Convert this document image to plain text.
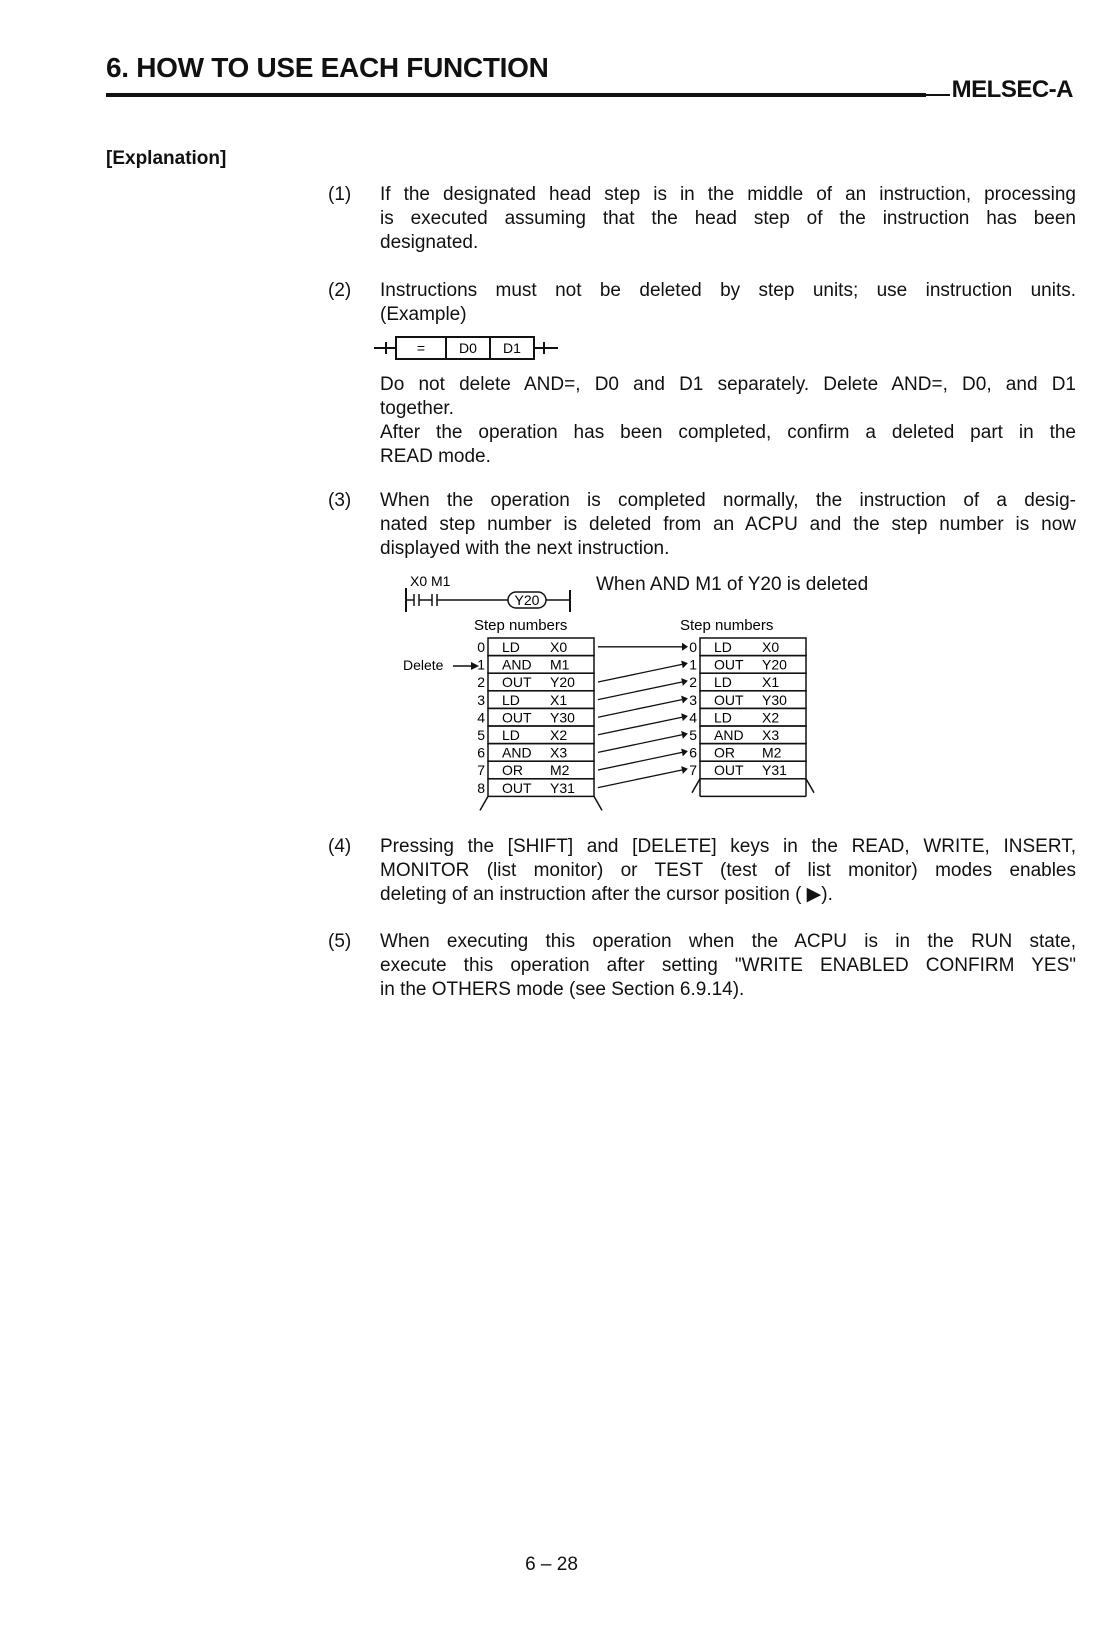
6. HOW TO USE EACH FUNCTION
MELSEC-A
[Explanation]
(1) If the designated head step is in the middle of an instruction, processing
is executed assuming that the head step of the instruction has been
designated.
(2) Instructions must not be deleted by step units; use instruction units.
(Example)
= D0 D1
Do not delete AND=, D0 and D1 separately. Delete AND=, D0, and D1
together.
After the operation has been completed, confirm a deleted part in the
READ mode.
(3) When the operation is completed normally, the instruction of a desig-
nated step number is deleted from an ACPU and the step number is now
displayed with the next instruction.
X0 M1
Y20
When AND M1 of Y20 is deleted
Step numbers	Step numbers
Delete
0 LD X0
1 AND M1
2 OUT Y20
3 LD X1
4 OUT Y30
5 LD X2
6 AND X3
7 OR M2
8 OUT Y31
0 LD X0
1 OUT Y20
2 LD X1
3 OUT Y30
4 LD X2
5 AND X3
6 OR M2
7 OUT Y31
(4) Pressing the [SHIFT] and [DELETE] keys in the READ, WRITE, INSERT,
MONITOR (list monitor) or TEST (test of list monitor) modes enables
deleting of an instruction after the cursor position ( ▶).
(5) When executing this operation when the ACPU is in the RUN state,
execute this operation after setting "WRITE ENABLED CONFIRM YES"
in the OTHERS mode (see Section 6.9.14).
6 – 28
